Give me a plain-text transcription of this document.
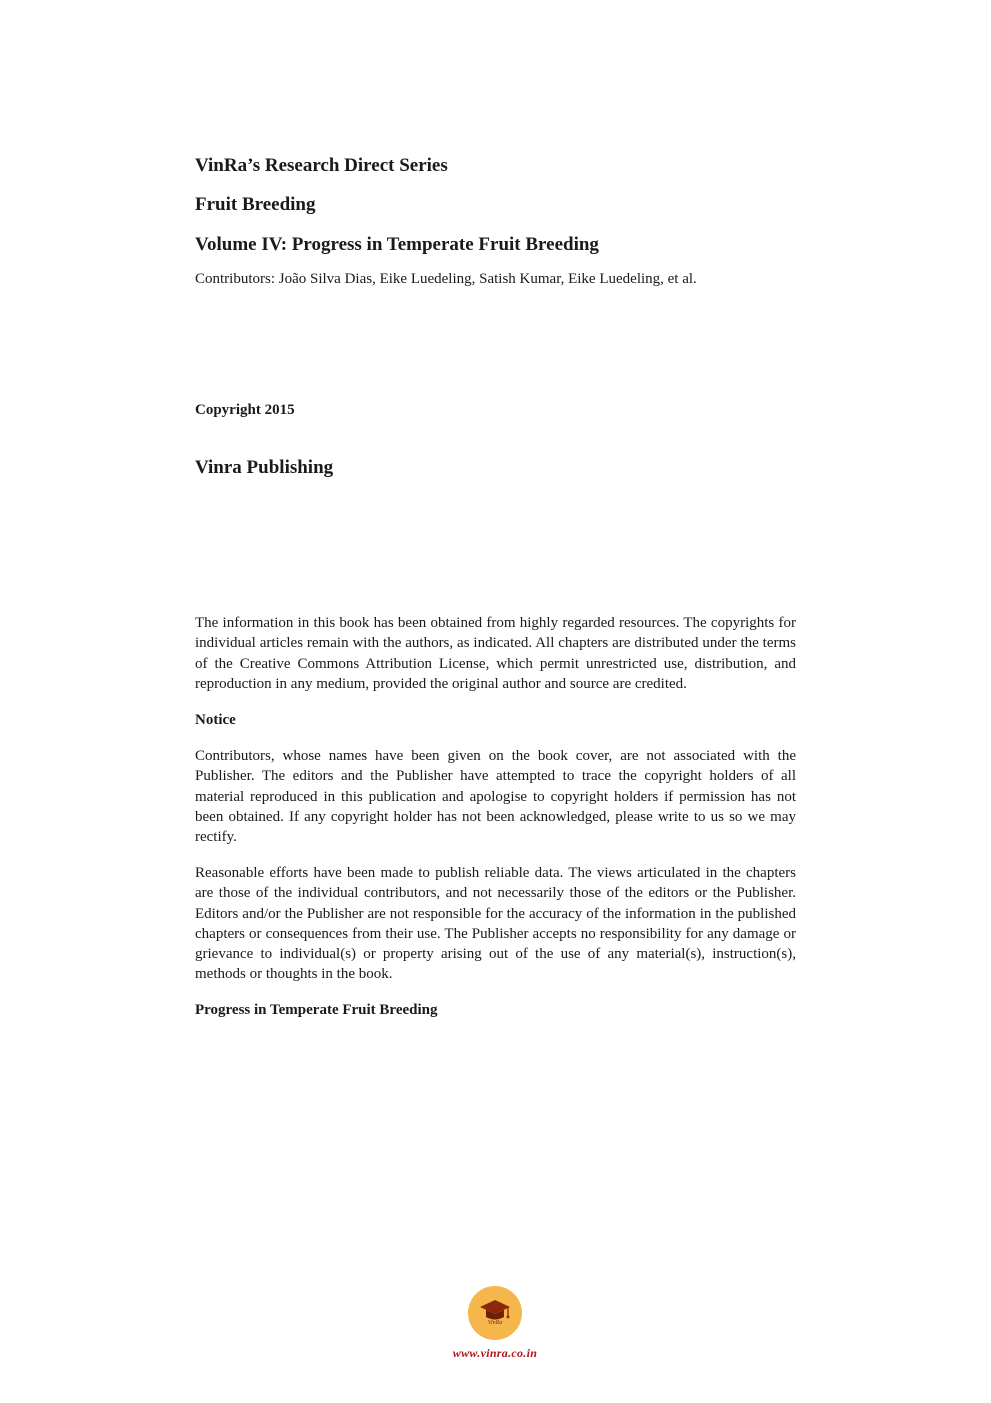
VinRa’s Research Direct Series
Fruit Breeding
Volume IV: Progress in Temperate Fruit Breeding

Contributors: João Silva Dias, Eike Luedeling, Satish Kumar, Eike Luedeling, et al.

Copyright 2015

Vinra Publishing

The information in this book has been obtained from highly regarded resources. The copyrights for individual articles remain with the authors, as indicated. All chapters are distributed under the terms of the Creative Commons Attribution License, which permit unrestricted use, distribution, and reproduction in any medium, provided the original author and source are credited.

Notice

Contributors, whose names have been given on the book cover, are not associated with the Publisher. The editors and the Publisher have attempted to trace the copyright holders of all material reproduced in this publication and apologise to copyright holders if permission has not been obtained. If any copyright holder has not been acknowledged, please write to us so we may rectify.

Reasonable efforts have been made to publish reliable data. The views articulated in the chapters are those of the individual contributors, and not necessarily those of the editors or the Publisher. Editors and/or the Publisher are not responsible for the accuracy of the information in the published chapters or consequences from their use. The Publisher accepts no responsibility for any damage or grievance to individual(s) or property arising out of the use of any material(s), instruction(s), methods or thoughts in the book.

Progress in Temperate Fruit Breeding

VinRa
www.vinra.co.in
